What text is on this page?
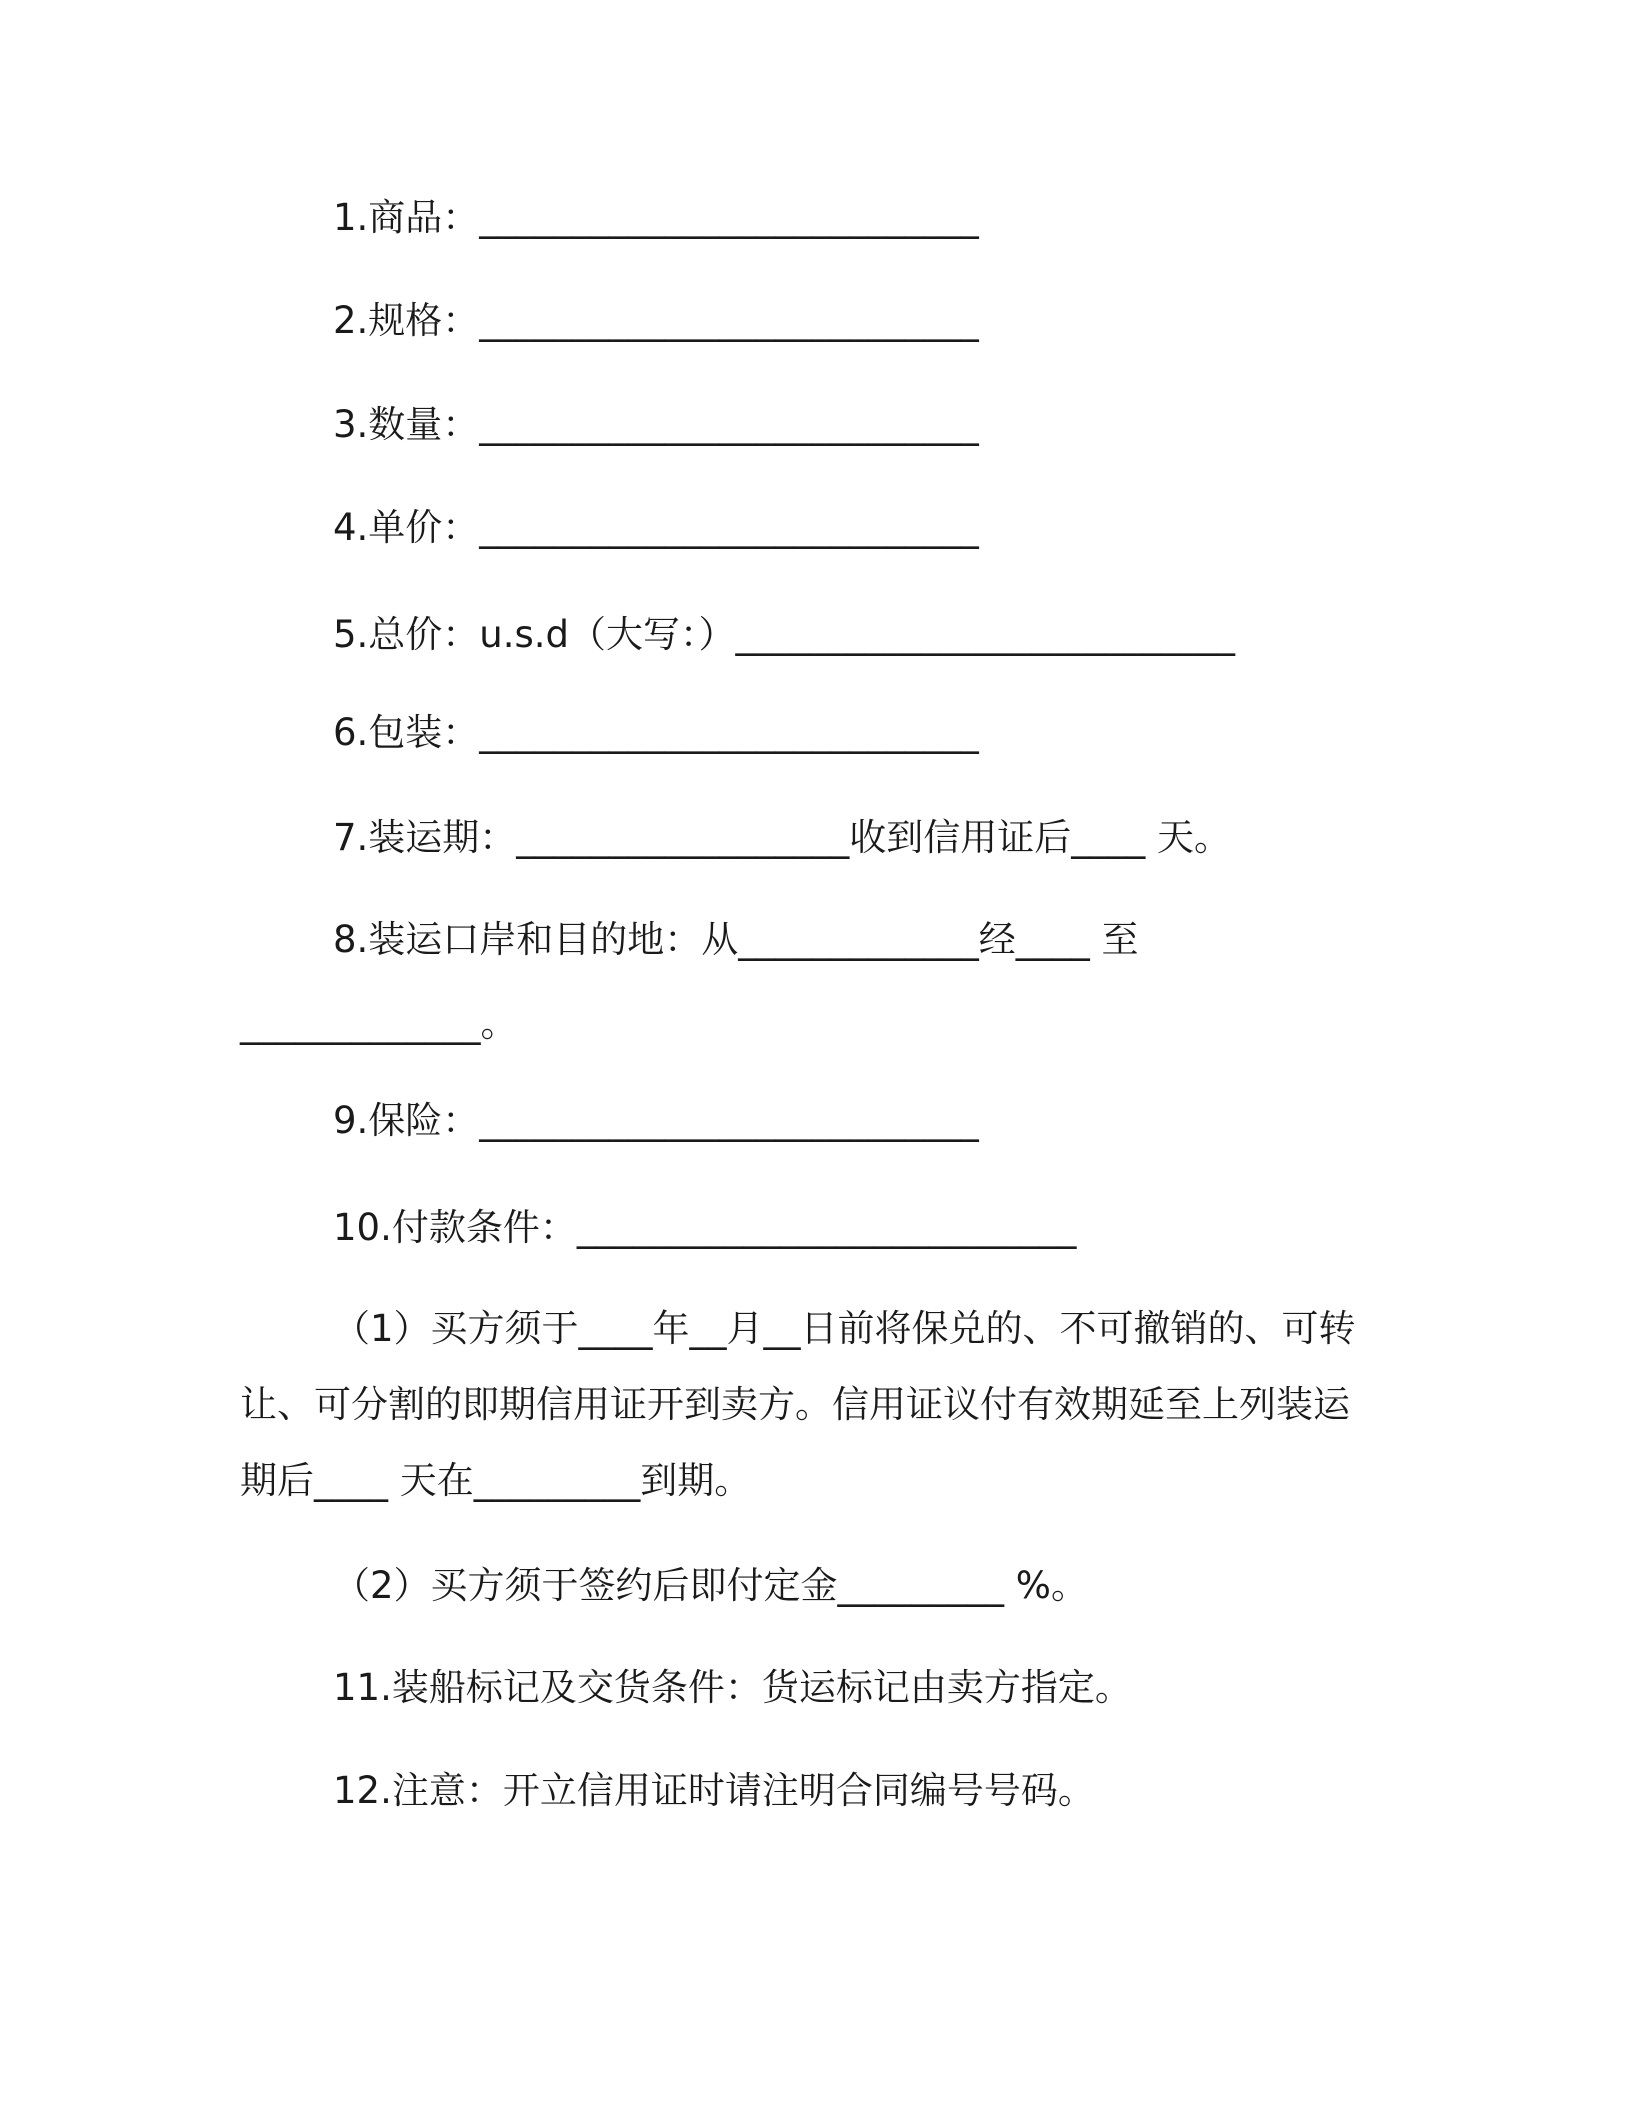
1.商品：___________________________
2.规格：___________________________
3.数量：___________________________
4.单价：___________________________
5.总价：u.s.d（大写：）___________________________
6.包装：___________________________
7.装运期：__________________收到信用证后____ 天。
8.装运口岸和目的地：从_____________经____ 至
_____________。
9.保险：___________________________
10.付款条件：___________________________
（1）买方须于____年__月__日前将保兑的、不可撤销的、可转
让、可分割的即期信用证开到卖方。信用证议付有效期延至上列装运
期后____ 天在_________到期。
（2）买方须于签约后即付定金_________ %。
11.装船标记及交货条件：货运标记由卖方指定。
12.注意：开立信用证时请注明合同编号号码。
